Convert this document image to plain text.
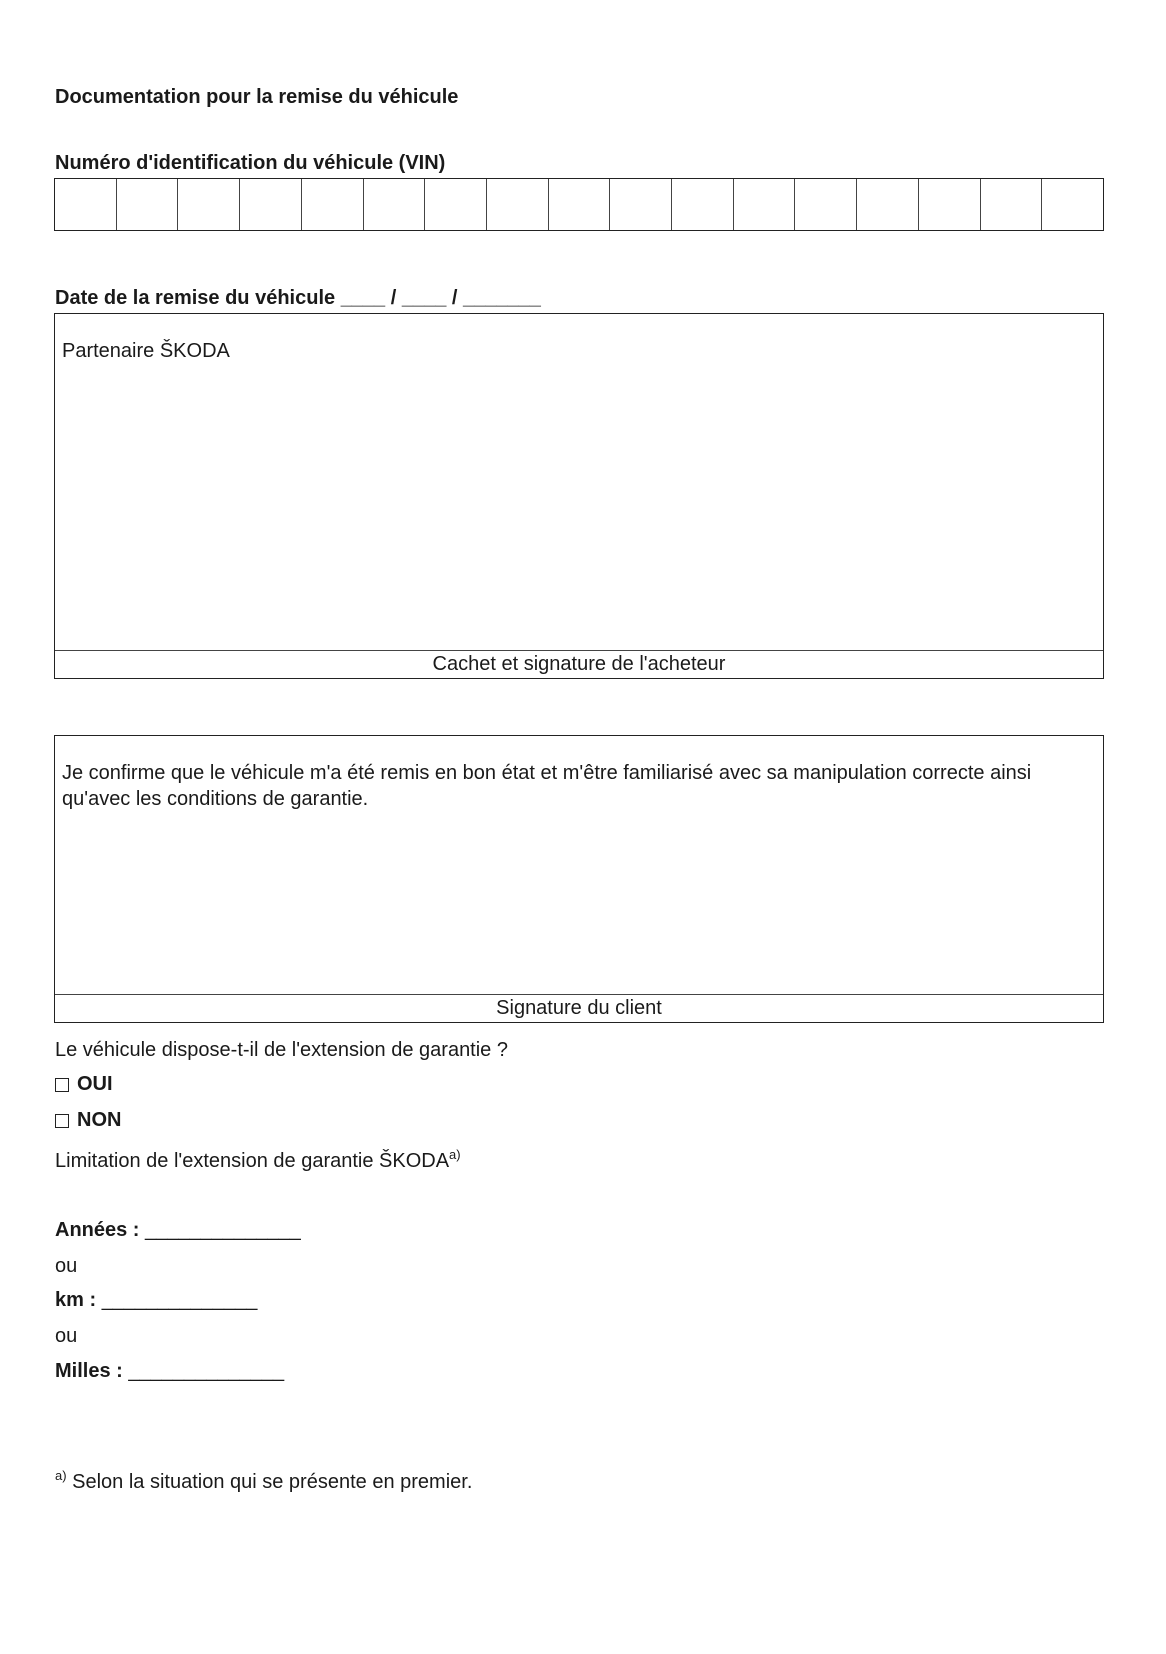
Documentation pour la remise du véhicule
Numéro d'identification du véhicule (VIN)
Date de la remise du véhicule ____ / ____ / _______
Partenaire ŠKODA
Cachet et signature de l'acheteur
Je confirme que le véhicule m'a été remis en bon état et m'être familiarisé avec sa manipulation correcte ainsi qu'avec les conditions de garantie.
Signature du client
Le véhicule dispose-t-il de l'extension de garantie ?
OUI
NON
Limitation de l'extension de garantie ŠKODA$^{a)}$
Années : ______________
ou
km : ______________
ou
Milles : ______________
$^{a)}$ Selon la situation qui se présente en premier.
